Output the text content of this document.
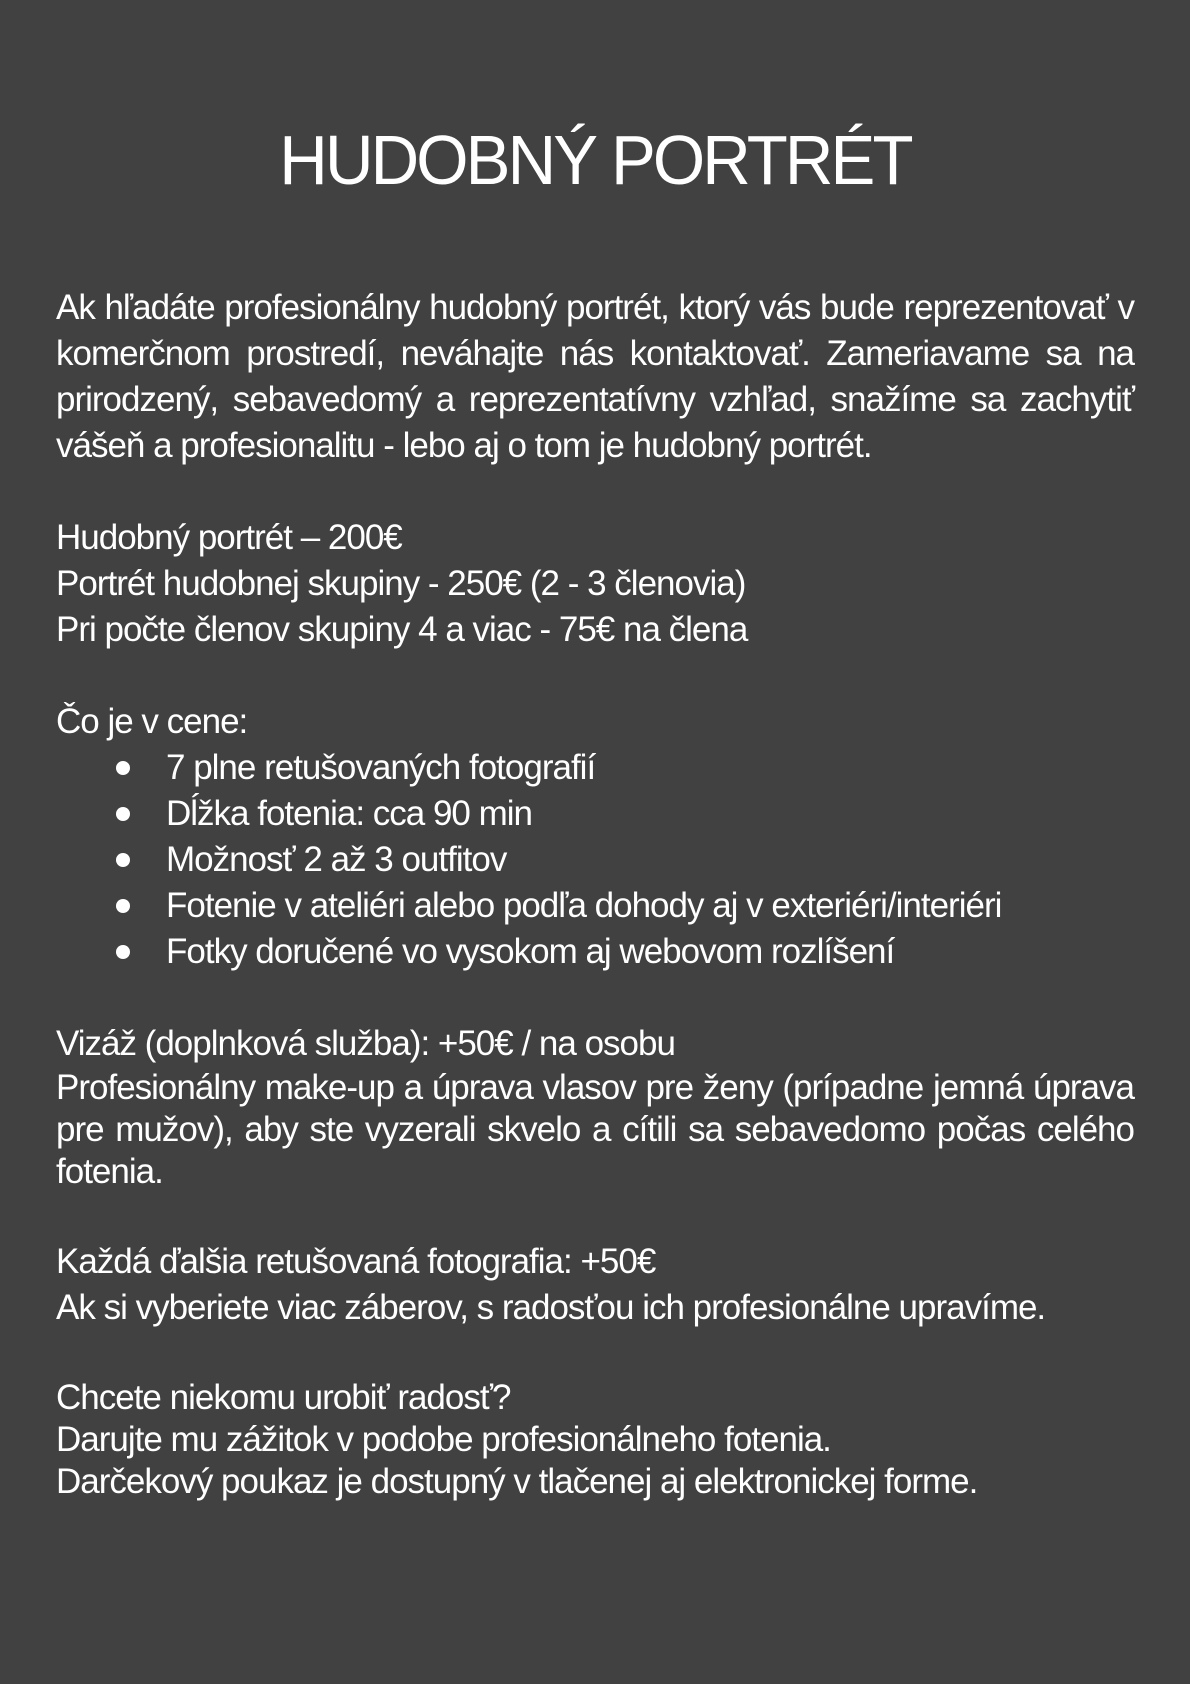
HUDOBNÝ PORTRÉT

Ak hľadáte profesionálny hudobný portrét, ktorý vás bude reprezentovať v komerčnom prostredí, neváhajte nás kontaktovať. Zameriavame sa na prirodzený, sebavedomý a reprezentatívny vzhľad, snažíme sa zachytiť vášeň a profesionalitu - lebo aj o tom je hudobný portrét.

Hudobný portrét – 200€
Portrét hudobnej skupiny - 250€ (2 - 3 členovia)
Pri počte členov skupiny 4 a viac - 75€ na člena
Čo je v cene:
7 plne retušovaných fotografií
Dĺžka fotenia: cca 90 min
Možnosť 2 až 3 outfitov
Fotenie v ateliéri alebo podľa dohody aj v exteriéri/interiéri
Fotky doručené vo vysokom aj webovom rozlíšení
Vizáž (doplnková služba): +50€ / na osobu
Profesionálny make-up a úprava vlasov pre ženy (prípadne jemná úprava pre mužov), aby ste vyzerali skvelo a cítili sa sebavedomo počas celého fotenia.
Každá ďalšia retušovaná fotografia: +50€
Ak si vyberiete viac záberov, s radosťou ich profesionálne upravíme.
Chcete niekomu urobiť radosť?
Darujte mu zážitok v podobe profesionálneho fotenia.
Darčekový poukaz je dostupný v tlačenej aj elektronickej forme.
